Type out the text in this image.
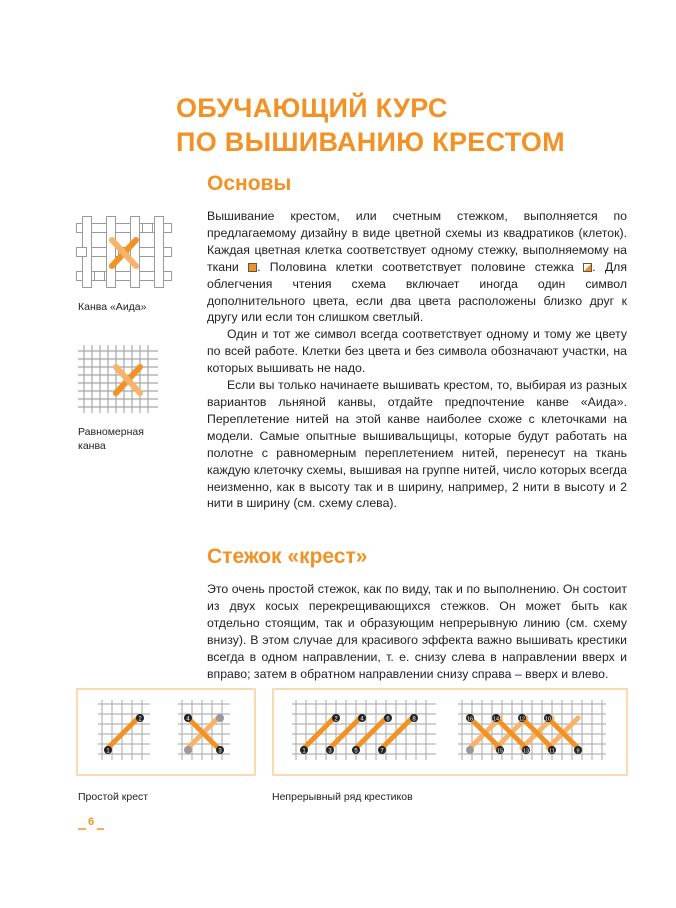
ОБУЧАЮЩИЙ КУРС
ПО ВЫШИВАНИЮ КРЕСТОМ
Основы

Вышивание крестом, или счетным стежком, выполняется по предлагаемому дизайну в виде цветной схемы из квадратиков (клеток). Каждая цветная клетка соответствует одному стежку, выполняемому на ткани . Половина клетки соответствует половине стежка . Для облегчения чтения схема включает иногда один символ дополнительного цвета, если два цвета расположены близко друг к другу или если тон слишком светлый.

Один и тот же символ всегда соответствует одному и тому же цвету по всей работе. Клетки без цвета и без символа обозначают участки, на которых вышивать не надо.

Если вы только начинаете вышивать крестом, то, выбирая из разных вариантов льняной канвы, отдайте предпочтение канве «Аида». Переплетение нитей на этой канве наиболее схоже с клеточками на модели. Самые опытные вышивальщицы, которые будут работать на полотне с равномерным переплетением нитей, перенесут на ткань каждую клеточку схемы, вышивая на группе нитей, число которых всегда неизменно, как в высоту так и в ширину, например, 2 нити в высоту и 2 нити в ширину (см. схему слева).

Канва «Аида»
Равномерная канва
Стежок «крест»

Это очень простой стежок, как по виду, так и по выполнению. Он состоит из двух косых перекрещивающихся стежков. Он может быть как отдельно стоящим, так и образующим непрерывную линию (см. схему внизу). В этом случае для красивого эффекта важно вышивать крестики всегда в одном направлении, т. е. снизу слева в направлении вверх и вправо; затем в обратном направлении снизу справа – вверх и влево.

1
2	4
3
Простой крест
1	3	5	7
2	4	6	8	16	14	12	10
15	13	11	9
Непрерывный ряд крестиков
6
